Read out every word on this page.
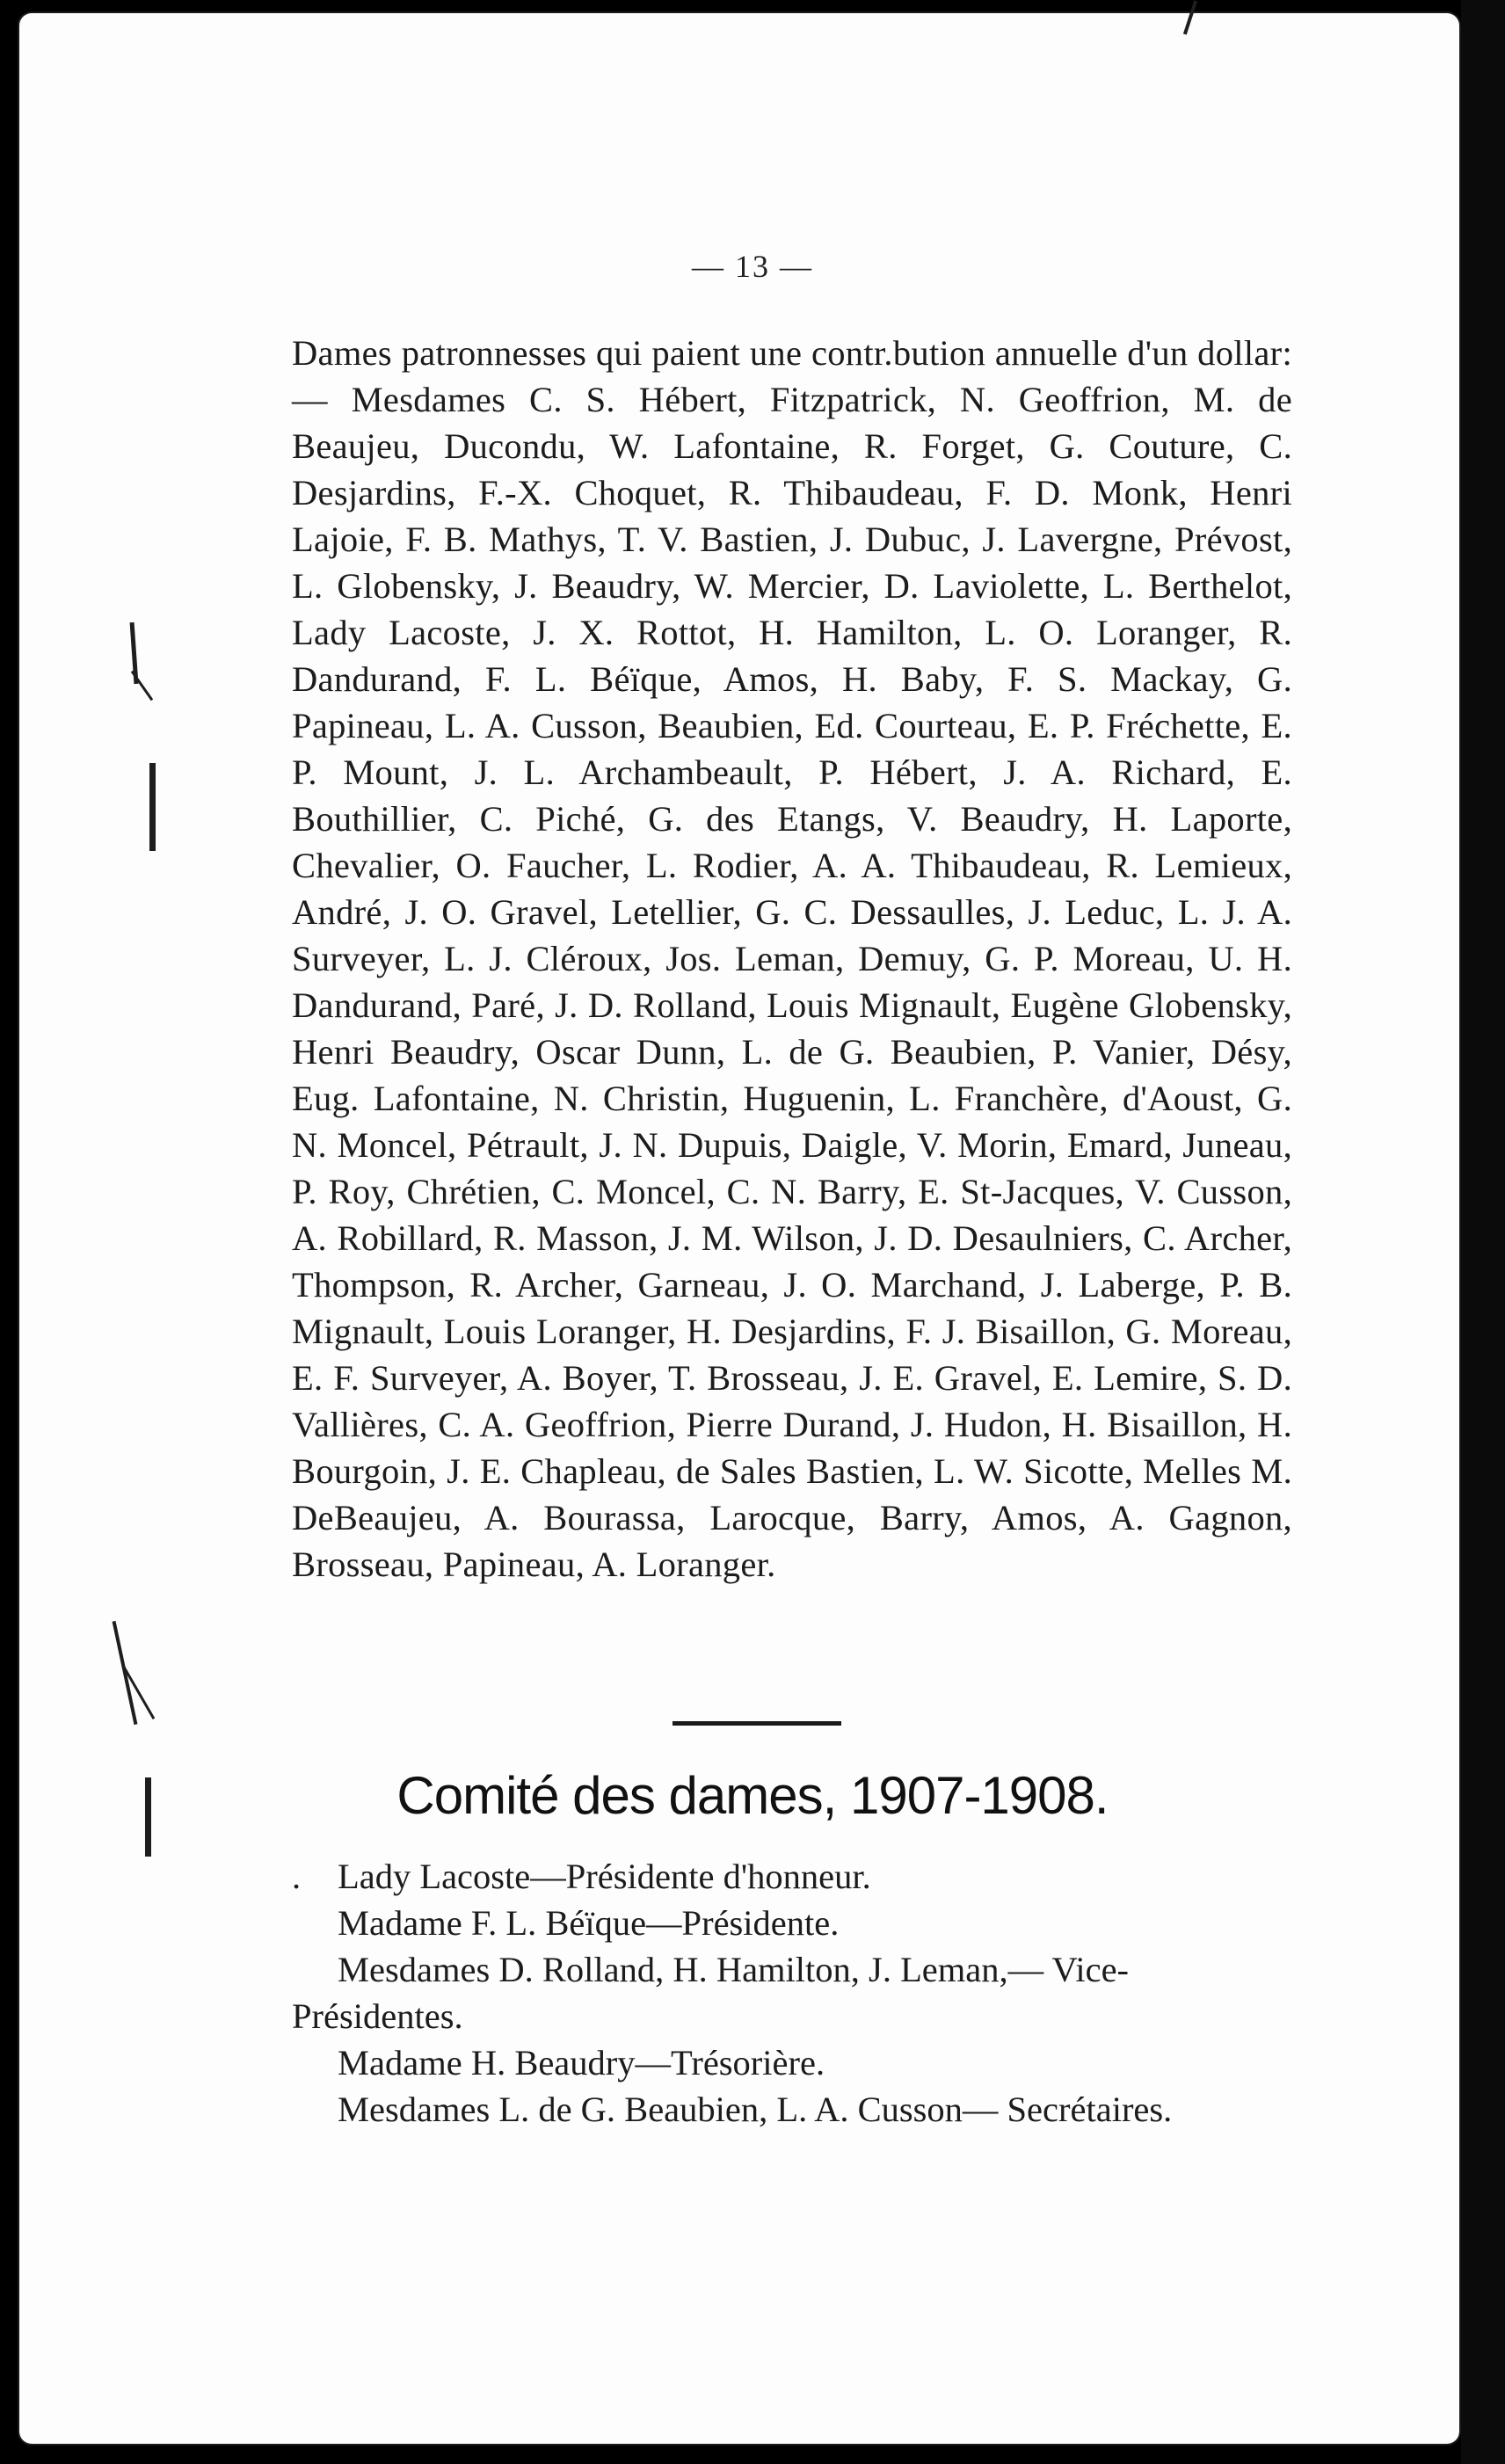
— 13 —
Dames patronnesses qui paient une contr.bution annuelle d'un dollar: — Mesdames C. S. Hébert, Fitzpatrick, N. Geoffrion, M. de Beaujeu, Ducondu, W. Lafontaine, R. Forget, G. Couture, C. Desjardins, F.-X. Choquet, R. Thibaudeau, F. D. Monk, Henri Lajoie, F. B. Mathys, T. V. Bastien, J. Dubuc, J. Lavergne, Prévost, L. Globensky, J. Beaudry, W. Mercier, D. Laviolette, L. Berthelot, Lady Lacoste, J. X. Rottot, H. Hamilton, L. O. Loranger, R. Dandurand, F. L. Béïque, Amos, H. Baby, F. S. Mackay, G. Papineau, L. A. Cusson, Beaubien, Ed. Courteau, E. P. Fréchette, E. P. Mount, J. L. Archambeault, P. Hébert, J. A. Richard, E. Bouthillier, C. Piché, G. des Etangs, V. Beaudry, H. Laporte, Chevalier, O. Faucher, L. Rodier, A. A. Thibaudeau, R. Lemieux, André, J. O. Gravel, Letellier, G. C. Dessaulles, J. Leduc, L. J. A. Surveyer, L. J. Cléroux, Jos. Leman, Demuy, G. P. Moreau, U. H. Dandurand, Paré, J. D. Rolland, Louis Mignault, Eugène Globensky, Henri Beaudry, Oscar Dunn, L. de G. Beaubien, P. Vanier, Désy, Eug. Lafontaine, N. Christin, Huguenin, L. Franchère, d'Aoust, G. N. Moncel, Pétrault, J. N. Dupuis, Daigle, V. Morin, Emard, Juneau, P. Roy, Chrétien, C. Moncel, C. N. Barry, E. St-Jacques, V. Cusson, A. Robillard, R. Masson, J. M. Wilson, J. D. Desaulniers, C. Archer, Thompson, R. Archer, Garneau, J. O. Marchand, J. Laberge, P. B. Mignault, Louis Loranger, H. Desjardins, F. J. Bisaillon, G. Moreau, E. F. Surveyer, A. Boyer, T. Brosseau, J. E. Gravel, E. Lemire, S. D. Vallières, C. A. Geoffrion, Pierre Durand, J. Hudon, H. Bisaillon, H. Bourgoin, J. E. Chapleau, de Sales Bastien, L. W. Sicotte, Melles M. DeBeaujeu, A. Bourassa, Larocque, Barry, Amos, A. Gagnon, Brosseau, Papineau, A. Loranger.
Comité des dames, 1907-1908.

. Lady Lacoste—Présidente d'honneur.

Madame F. L. Béïque—Présidente.

Mesdames D. Rolland, H. Hamilton, J. Leman,— Vice-Présidentes.

Madame H. Beaudry—Trésorière.

Mesdames L. de G. Beaubien, L. A. Cusson— Secrétaires.
